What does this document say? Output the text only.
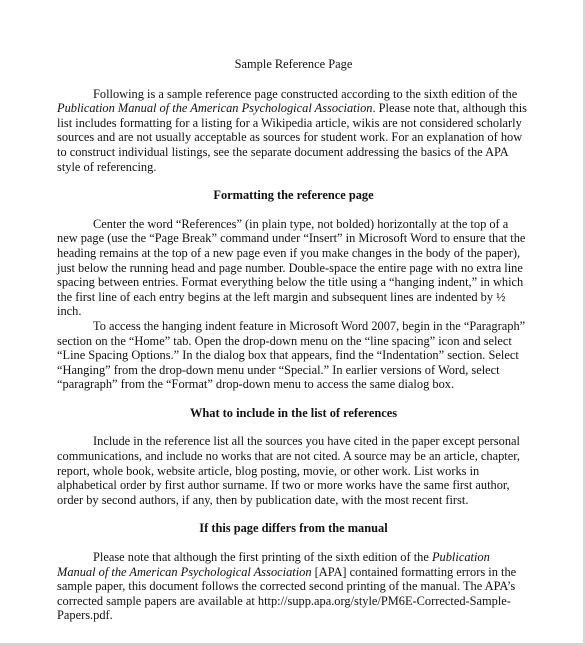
Sample Reference Page

Following is a sample reference page constructed according to the sixth edition of the Publication Manual of the American Psychological Association. Please note that, although this list includes formatting for a listing for a Wikipedia article, wikis are not considered scholarly sources and are not usually acceptable as sources for student work. For an explanation of how to construct individual listings, see the separate document addressing the basics of the APA style of referencing.

Formatting the reference page

Center the word “References” (in plain type, not bolded) horizontally at the top of a new page (use the “Page Break” command under “Insert” in Microsoft Word to ensure that the heading remains at the top of a new page even if you make changes in the body of the paper), just below the running head and page number. Double-space the entire page with no extra line spacing between entries. Format everything below the title using a “hanging indent,” in which the first line of each entry begins at the left margin and subsequent lines are indented by ½ inch.

To access the hanging indent feature in Microsoft Word 2007, begin in the “Paragraph” section on the “Home” tab. Open the drop-down menu on the “line spacing” icon and select “Line Spacing Options.” In the dialog box that appears, find the “Indentation” section. Select “Hanging” from the drop-down menu under “Special.” In earlier versions of Word, select “paragraph” from the “Format” drop-down menu to access the same dialog box.

What to include in the list of references

Include in the reference list all the sources you have cited in the paper except personal communications, and include no works that are not cited. A source may be an article, chapter, report, whole book, website article, blog posting, movie, or other work. List works in alphabetical order by first author surname. If two or more works have the same first author, order by second authors, if any, then by publication date, with the most recent first.

If this page differs from the manual

Please note that although the first printing of the sixth edition of the Publication Manual of the American Psychological Association [APA] contained formatting errors in the sample paper, this document follows the corrected second printing of the manual. The APA’s corrected sample papers are available at http://supp.apa.org/style/PM6E-Corrected-Sample-Papers.pdf.
